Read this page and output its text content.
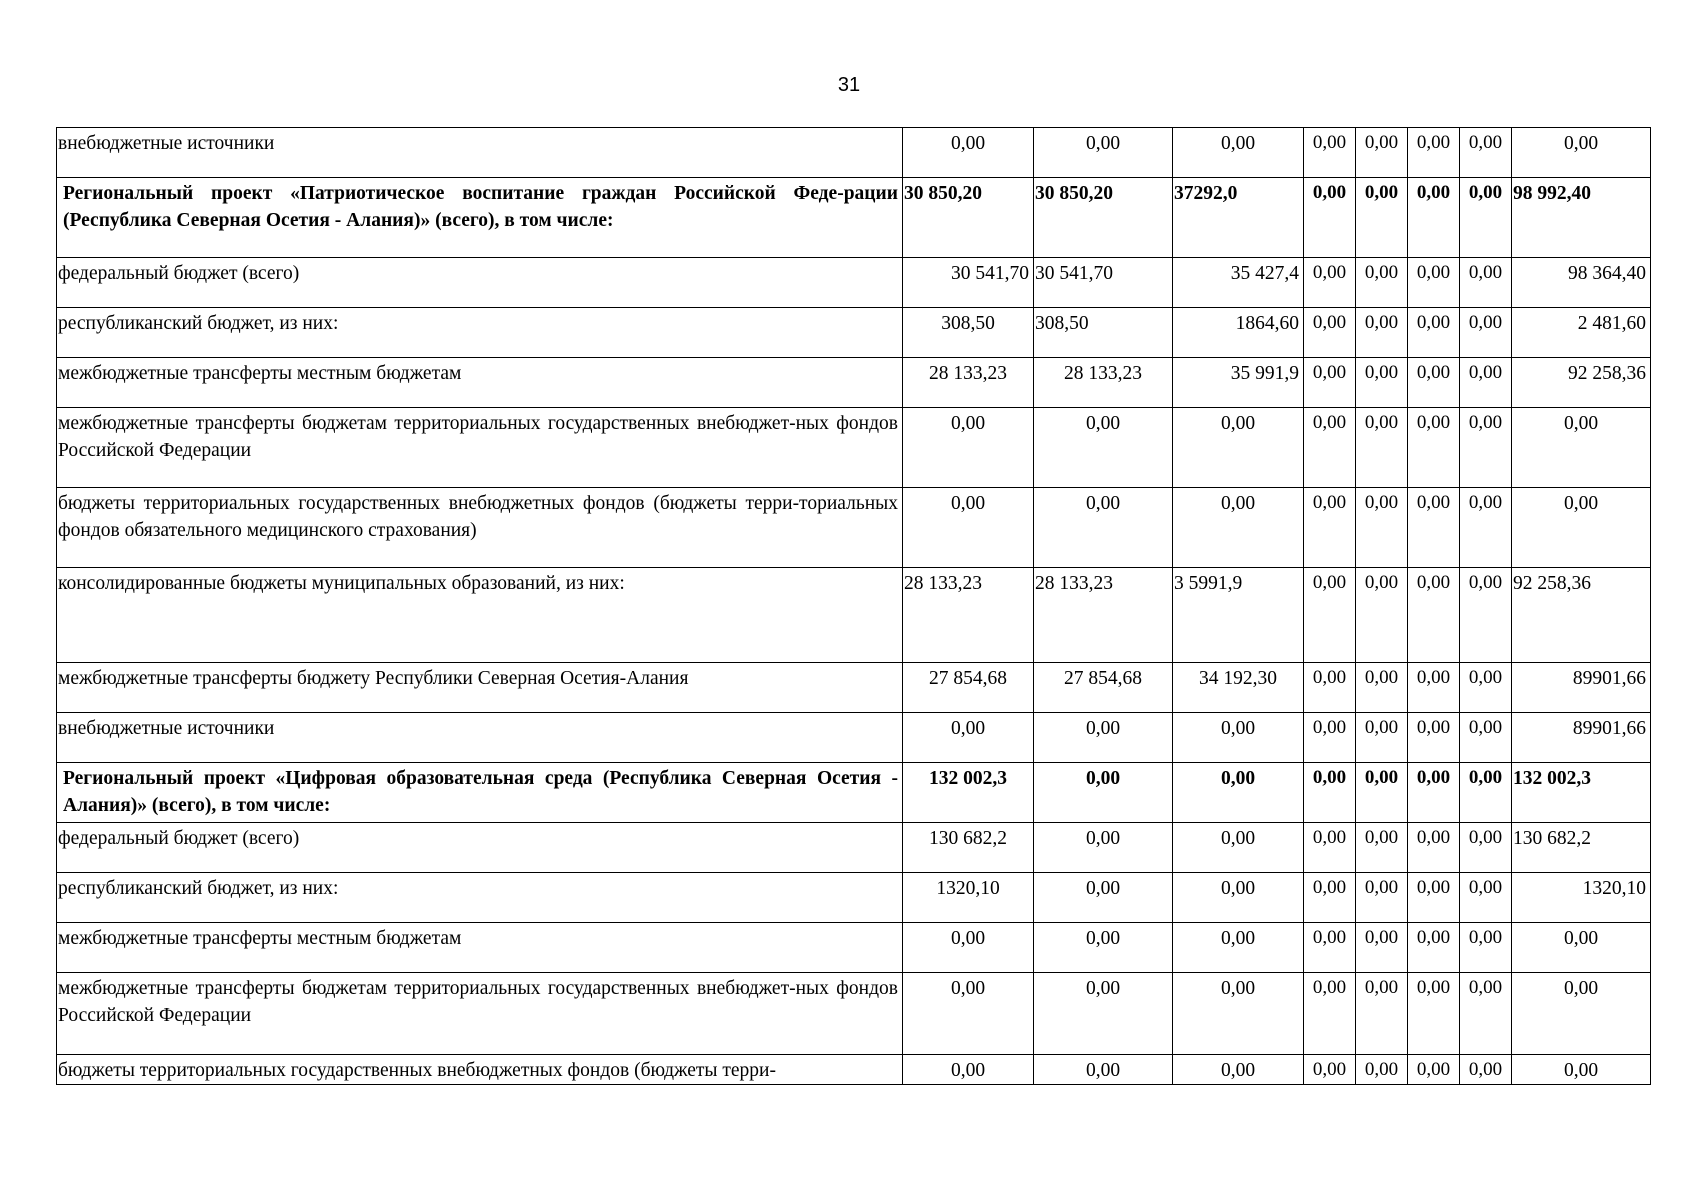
31
внебюджетные источники	0,00	0,00	0,00	0,00	0,00	0,00	0,00	0,00
Региональный проект «Патриотическое воспитание граждан Российской Феде-рации (Республика Северная Осетия - Алания)» (всего), в том числе:	30 850,20	30 850,20	37292,0	0,00	0,00	0,00	0,00	98 992,40
федеральный бюджет (всего)	30 541,70	30 541,70	35 427,4	0,00	0,00	0,00	0,00	98 364,40
республиканский бюджет, из них:	308,50	308,50	1864,60	0,00	0,00	0,00	0,00	2 481,60
межбюджетные трансферты местным бюджетам	28 133,23	28 133,23	35 991,9	0,00	0,00	0,00	0,00	92 258,36
межбюджетные трансферты бюджетам территориальных государственных внебюджет-ных фондов Российской Федерации	0,00	0,00	0,00	0,00	0,00	0,00	0,00	0,00
бюджеты территориальных государственных внебюджетных фондов (бюджеты терри-ториальных фондов обязательного медицинского страхования)	0,00	0,00	0,00	0,00	0,00	0,00	0,00	0,00
консолидированные бюджеты муниципальных образований, из них:	28 133,23	28 133,23	3 5991,9	0,00	0,00	0,00	0,00	92 258,36
межбюджетные трансферты бюджету Республики Северная Осетия-Алания	27 854,68	27 854,68	34 192,30	0,00	0,00	0,00	0,00	89901,66
внебюджетные источники	0,00	0,00	0,00	0,00	0,00	0,00	0,00	89901,66
Региональный проект «Цифровая образовательная среда (Республика Северная Осетия - Алания)» (всего), в том числе:	132 002,3	0,00	0,00	0,00	0,00	0,00	0,00	132 002,3
федеральный бюджет (всего)	130 682,2	0,00	0,00	0,00	0,00	0,00	0,00	130 682,2
республиканский бюджет, из них:	1320,10	0,00	0,00	0,00	0,00	0,00	0,00	1320,10
межбюджетные трансферты местным бюджетам	0,00	0,00	0,00	0,00	0,00	0,00	0,00	0,00
межбюджетные трансферты бюджетам территориальных государственных внебюджет-ных фондов Российской Федерации	0,00	0,00	0,00	0,00	0,00	0,00	0,00	0,00
бюджеты территориальных государственных внебюджетных фондов (бюджеты терри-	0,00	0,00	0,00	0,00	0,00	0,00	0,00	0,00
